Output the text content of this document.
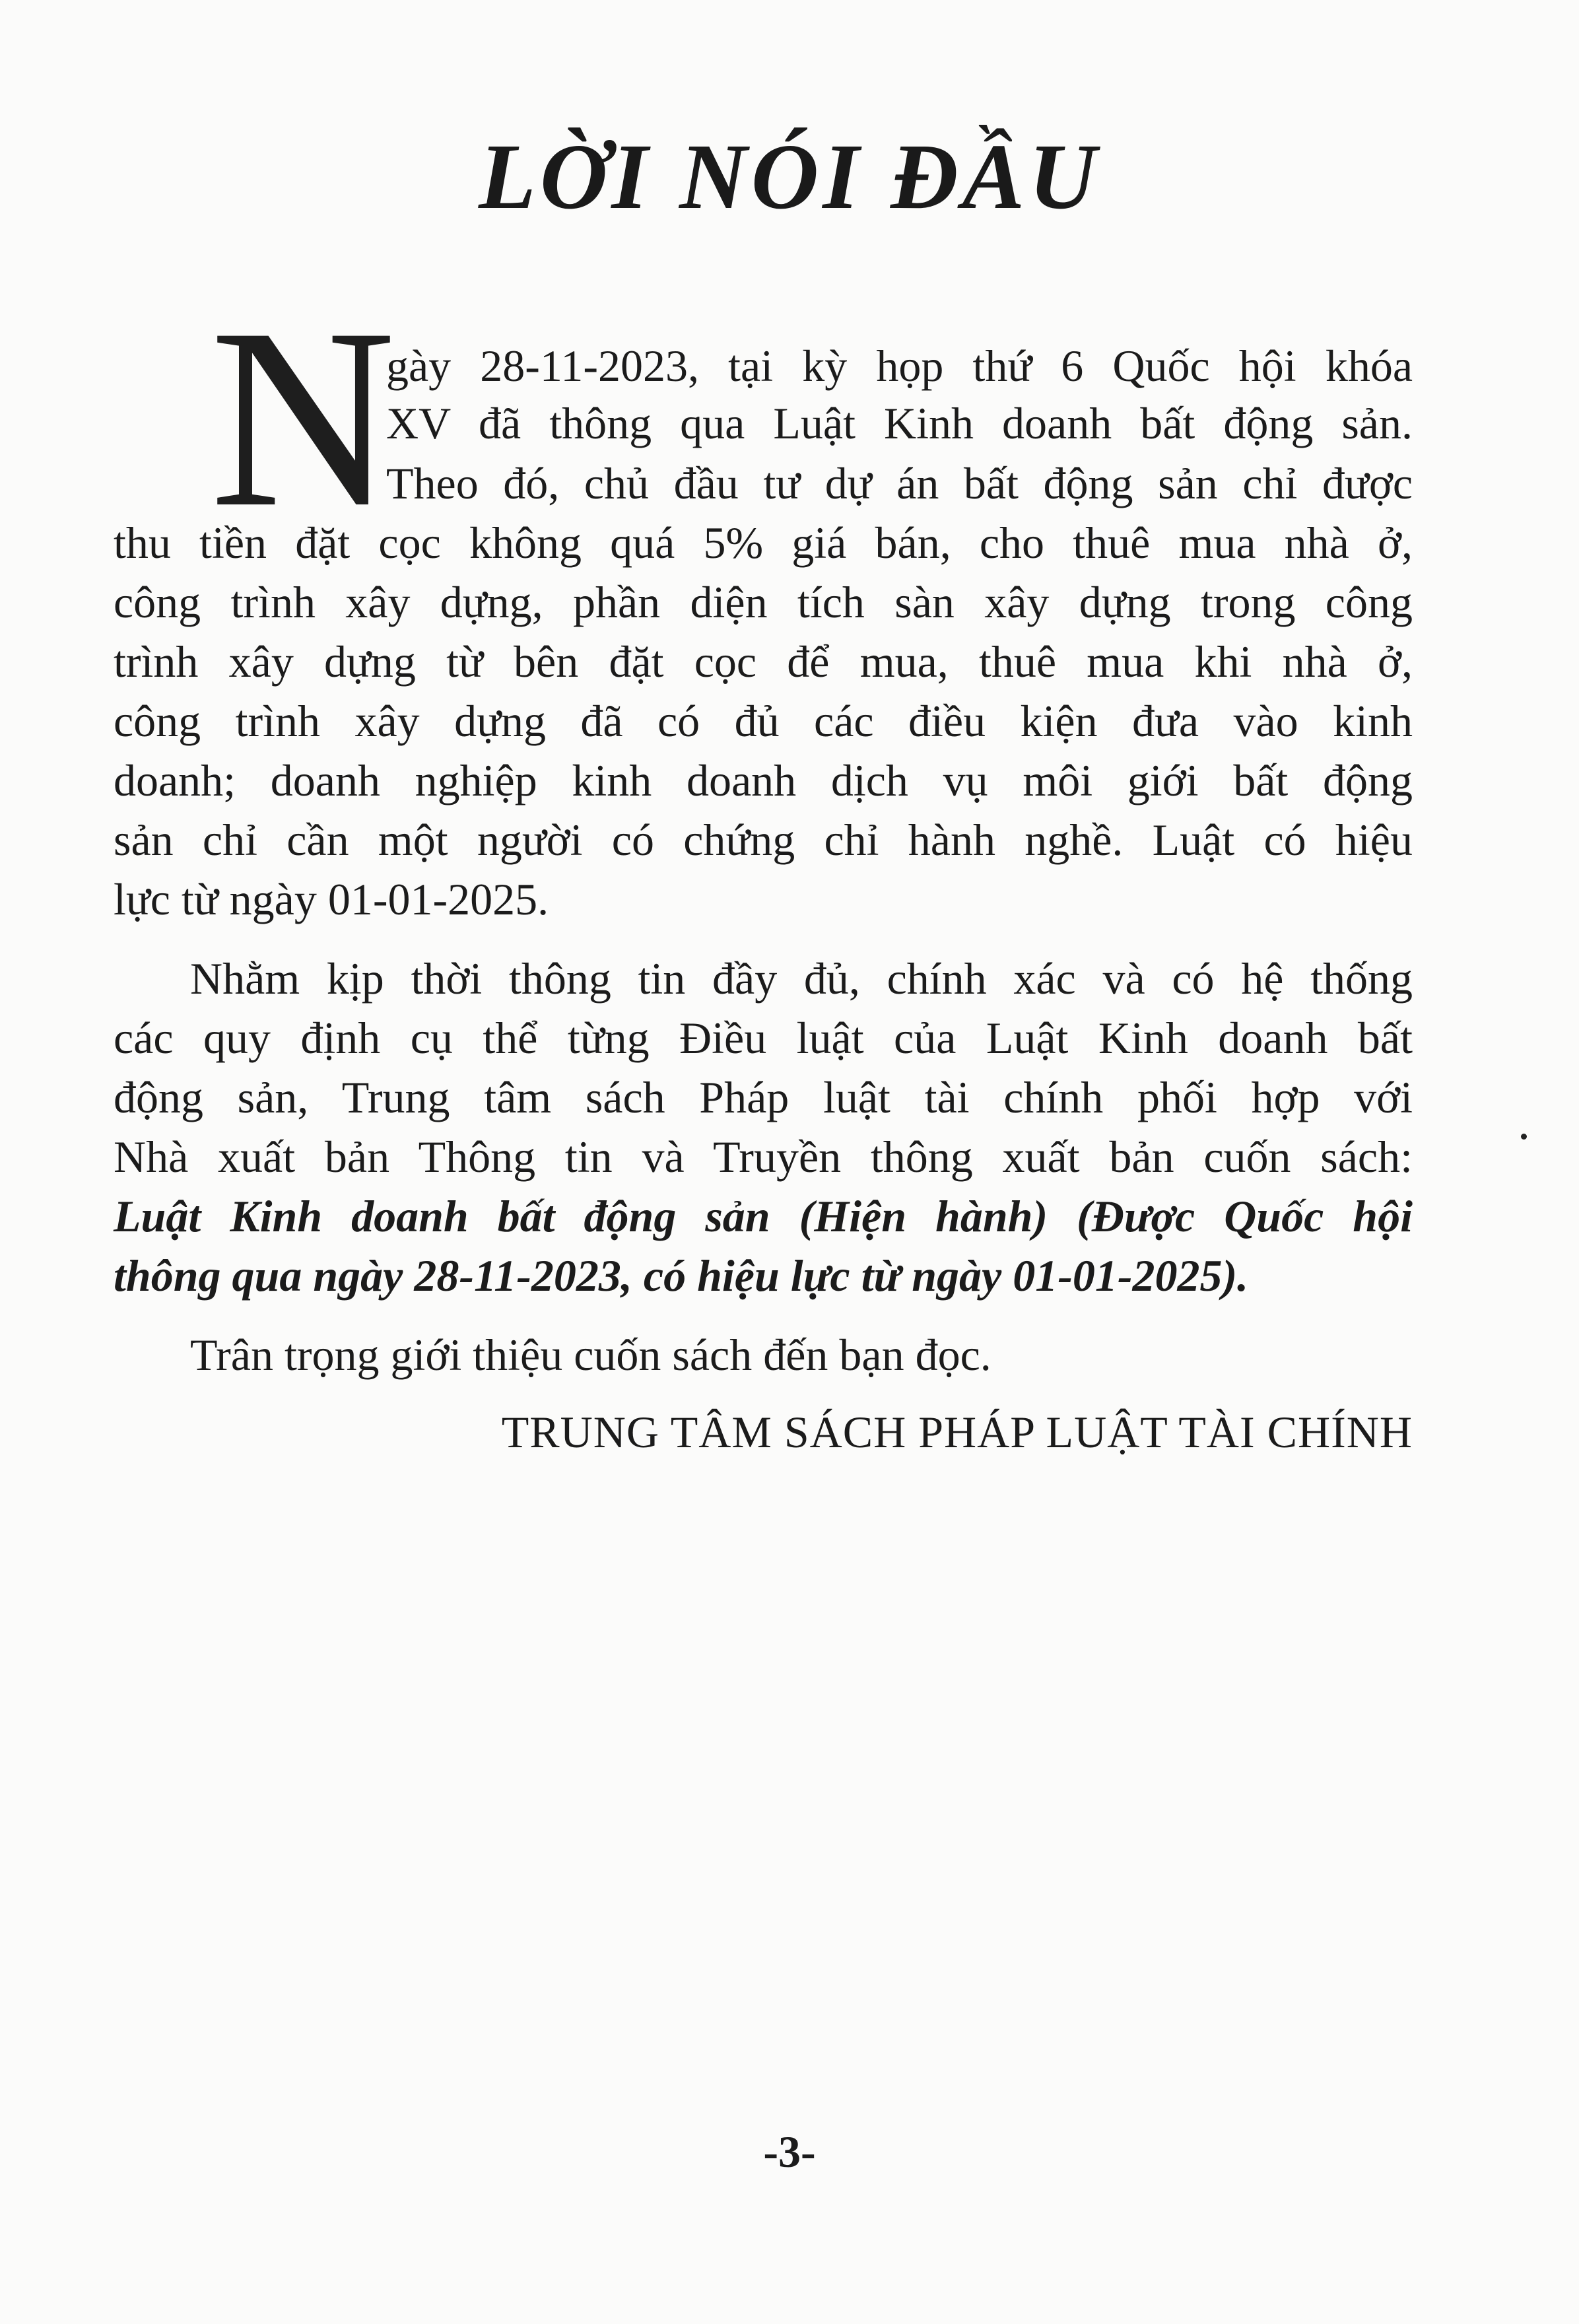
LỜI NÓI ĐẦU
N
gày 28-11-2023, tại kỳ họp thứ 6 Quốc hội khóa
XV đã thông qua Luật Kinh doanh bất động sản.
Theo đó, chủ đầu tư dự án bất động sản chỉ được
thu tiền đặt cọc không quá 5% giá bán, cho thuê mua nhà ở,
công trình xây dựng, phần diện tích sàn xây dựng trong công
trình xây dựng từ bên đặt cọc để mua, thuê mua khi nhà ở,
công trình xây dựng đã có đủ các điều kiện đưa vào kinh
doanh; doanh nghiệp kinh doanh dịch vụ môi giới bất động
sản chỉ cần một người có chứng chỉ hành nghề. Luật có hiệu
lực từ ngày 01-01-2025.
Nhằm kịp thời thông tin đầy đủ, chính xác và có hệ thống
các quy định cụ thể từng Điều luật của Luật Kinh doanh bất
động sản, Trung tâm sách Pháp luật tài chính phối hợp với
Nhà xuất bản Thông tin và Truyền thông xuất bản cuốn sách:
Luật Kinh doanh bất động sản (Hiện hành) (Được Quốc hội
thông qua ngày 28-11-2023, có hiệu lực từ ngày 01-01-2025).
Trân trọng giới thiệu cuốn sách đến bạn đọc.
TRUNG TÂM SÁCH PHÁP LUẬT TÀI CHÍNH
-3-
